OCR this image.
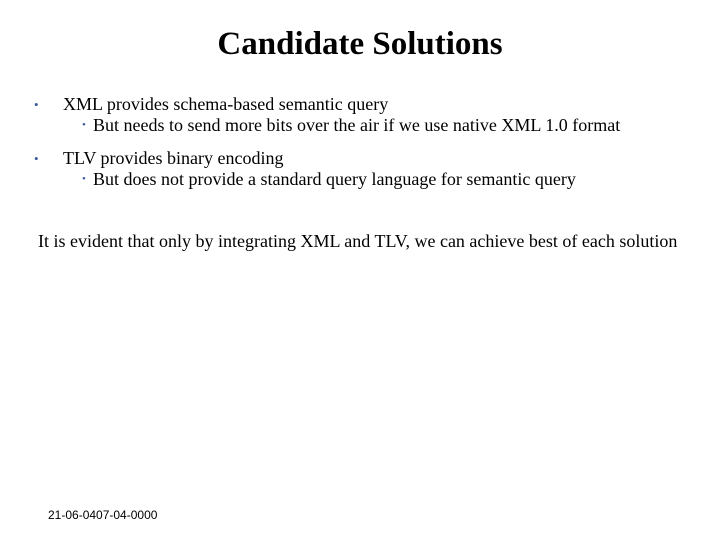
Candidate Solutions
• XML provides schema-based semantic query
• But needs to send more bits over the air if we use native XML 1.0 format
• TLV provides binary encoding
• But does not provide a standard query language for semantic query
It is evident that only by integrating XML and TLV, we can achieve best of each solution
21-06-0407-04-0000
